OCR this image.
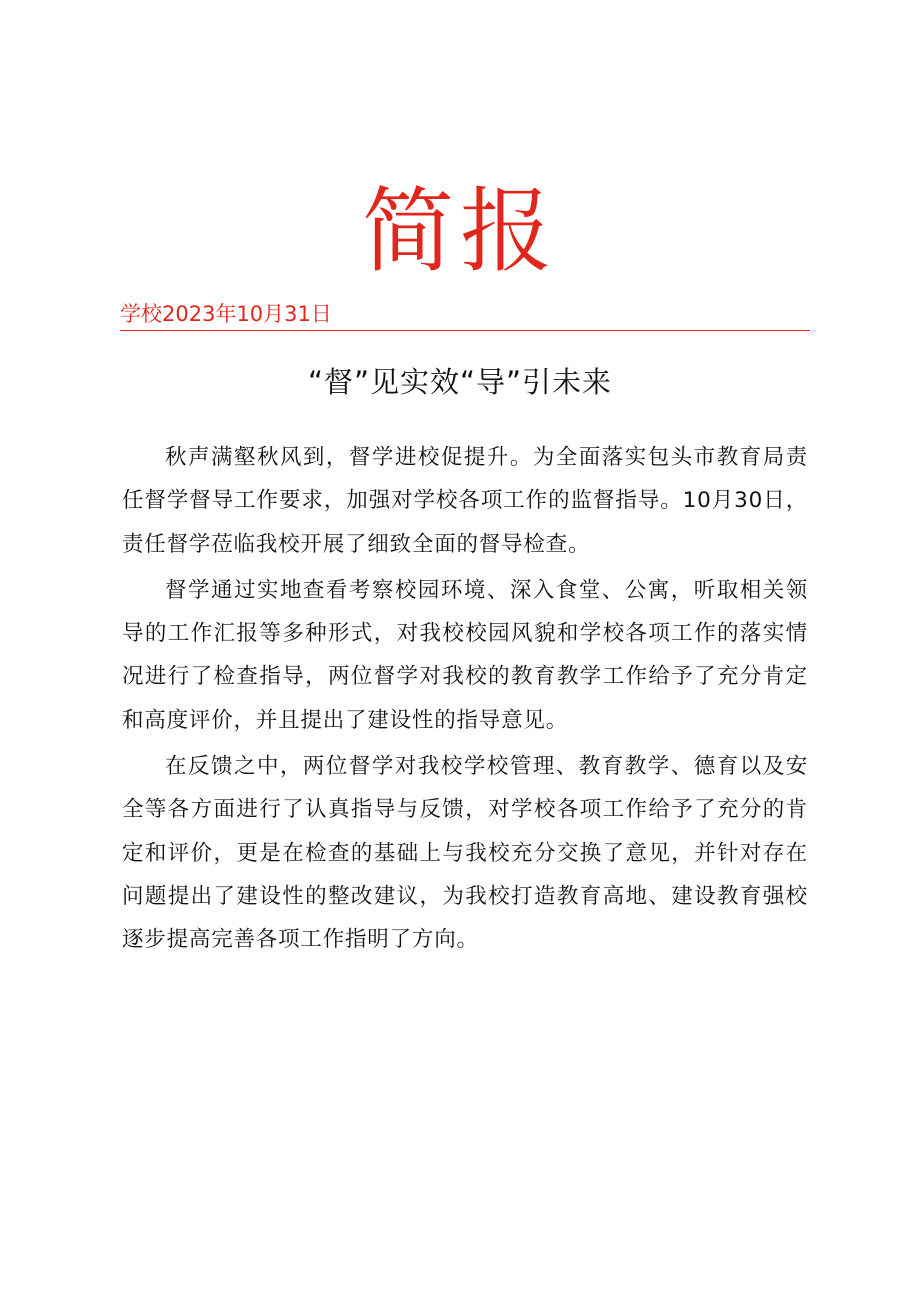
简报
学校2023年10月31日
“督”见实效“导”引未来

秋声满壑秋风到，督学进校促提升。为全面落实包头市教育局责任督学督导工作要求，加强对学校各项工作的监督指导。10月30日，责任督学莅临我校开展了细致全面的督导检查。

督学通过实地查看考察校园环境、深入食堂、公寓，听取相关领导的工作汇报等多种形式，对我校校园风貌和学校各项工作的落实情况进行了检查指导，两位督学对我校的教育教学工作给予了充分肯定和高度评价，并且提出了建设性的指导意见。

在反馈之中，两位督学对我校学校管理、教育教学、德育以及安全等各方面进行了认真指导与反馈，对学校各项工作给予了充分的肯定和评价，更是在检查的基础上与我校充分交换了意见，并针对存在问题提出了建设性的整改建议，为我校打造教育高地、建设教育强校逐步提高完善各项工作指明了方向。
